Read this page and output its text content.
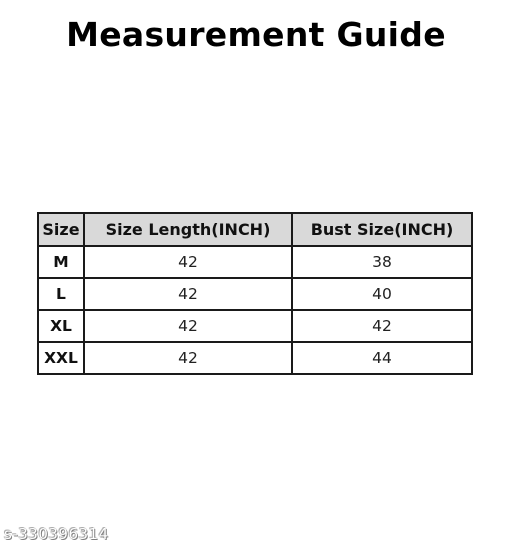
Measurement Guide
Size	Size Length(INCH)	Bust Size(INCH)
M	42	38
L	42	40
XL	42	42
XXL	42	44
s-330396314
